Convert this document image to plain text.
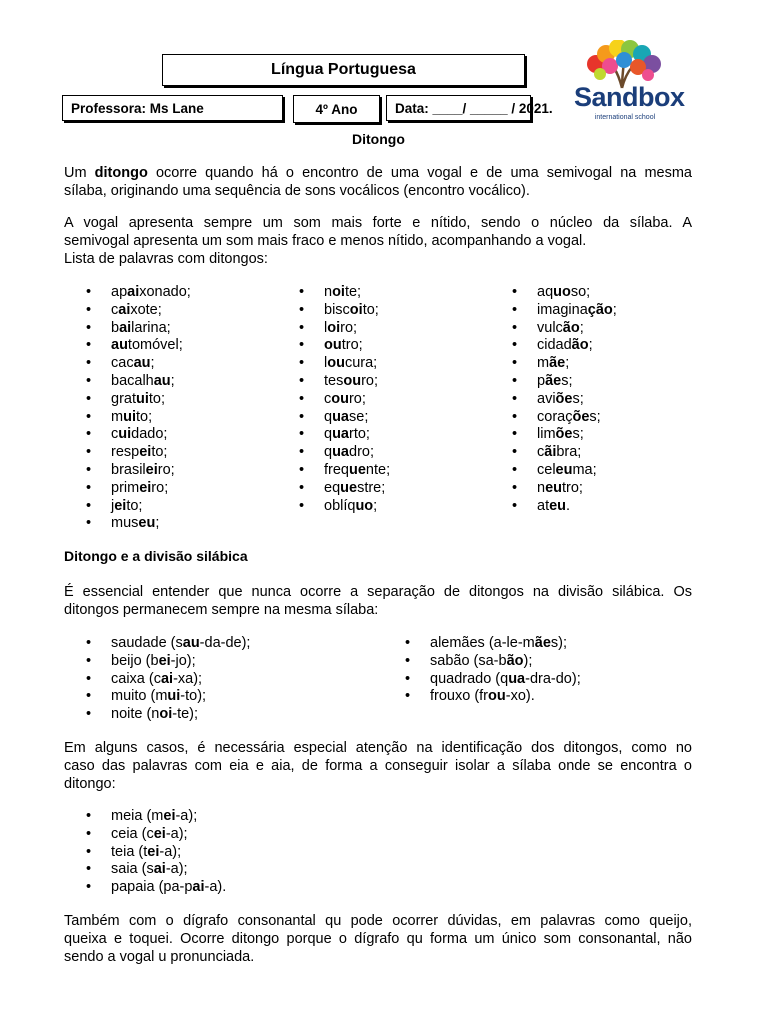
Língua Portuguesa
Professora: Ms Lane	4º Ano	Data: ____/ _____ / 2021. Sandbox
international school
Ditongo
Um ditongo ocorre quando há o encontro de uma vogal e de uma semivogal na mesma
sílaba, originando uma sequência de sons vocálicos (encontro vocálico).
A vogal apresenta sempre um som mais forte e nítido, sendo o núcleo da sílaba. A
semivogal apresenta um som mais fraco e menos nítido, acompanhando a vogal.
Lista de palavras com ditongos:
• apaixonado;
• caixote;
• bailarina;
• automóvel;
• cacau;
• bacalhau;
• gratuito;
• muito;
• cuidado;
• respeito;
• brasileiro;
• primeiro;
• jeito;
• museu;
• noite;
• biscoito;
• loiro;
• outro;
• loucura;
• tesouro;
• couro;
• quase;
• quarto;
• quadro;
• frequente;
• equestre;
• oblíquo;
• aquoso;
• imaginação;
• vulcão;
• cidadão;
• mãe;
• pães;
• aviões;
• corações;
• limões;
• cãibra;
• celeuma;
• neutro;
• ateu.
Ditongo e a divisão silábica
É essencial entender que nunca ocorre a separação de ditongos na divisão silábica. Os
ditongos permanecem sempre na mesma sílaba:
• saudade (sau-da-de);
• beijo (bei-jo);
• caixa (cai-xa);
• muito (mui-to);
• noite (noi-te);
• alemães (a-le-mães);
• sabão (sa-bão);
• quadrado (qua-dra-do);
• frouxo (frou-xo).
Em alguns casos, é necessária especial atenção na identificação dos ditongos, como no
caso das palavras com eia e aia, de forma a conseguir isolar a sílaba onde se encontra o
ditongo:
• meia (mei-a);
• ceia (cei-a);
• teia (tei-a);
• saia (sai-a);
• papaia (pa-pai-a).
Também com o dígrafo consonantal qu pode ocorrer dúvidas, em palavras como queijo,
queixa e toquei. Ocorre ditongo porque o dígrafo qu forma um único som consonantal, não
sendo a vogal u pronunciada.
